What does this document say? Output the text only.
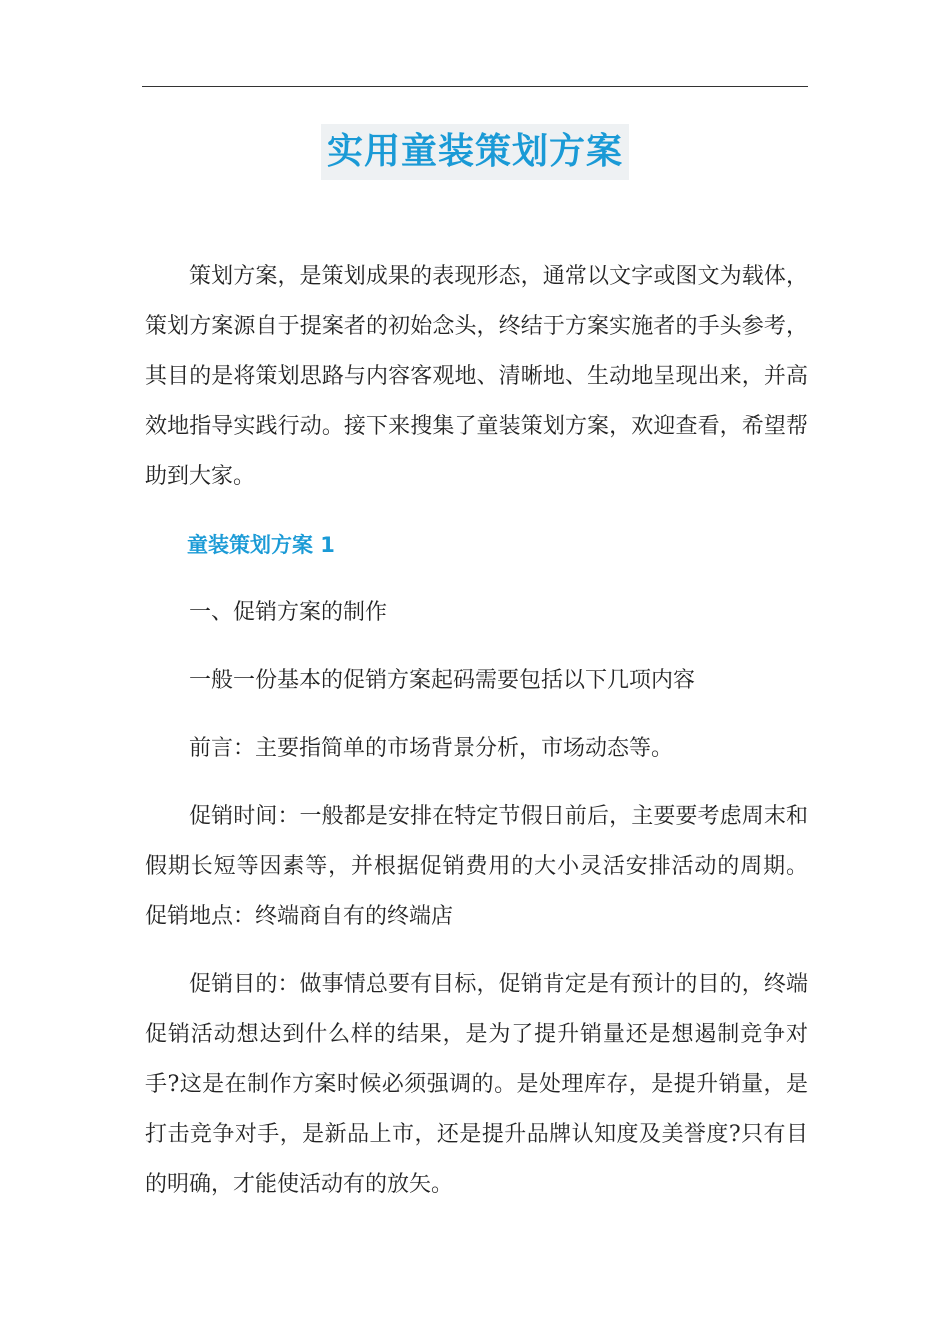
实用童装策划方案

策划方案，是策划成果的表现形态，通常以文字或图文为载体，策划方案源自于提案者的初始念头，终结于方案实施者的手头参考，其目的是将策划思路与内容客观地、清晰地、生动地呈现出来，并高效地指导实践行动。接下来搜集了童装策划方案，欢迎查看，希望帮助到大家。

童装策划方案 1

一、促销方案的制作

一般一份基本的促销方案起码需要包括以下几项内容

前言：主要指简单的市场背景分析，市场动态等。

促销时间：一般都是安排在特定节假日前后，主要要考虑周末和假期长短等因素等，并根据促销费用的大小灵活安排活动的周期。 促销地点：终端商自有的终端店

促销目的：做事情总要有目标，促销肯定是有预计的目的，终端促销活动想达到什么样的结果，是为了提升销量还是想遏制竞争对手?这是在制作方案时候必须强调的。是处理库存，是提升销量，是打击竞争对手，是新品上市，还是提升品牌认知度及美誉度?只有目的明确，才能使活动有的放矢。
